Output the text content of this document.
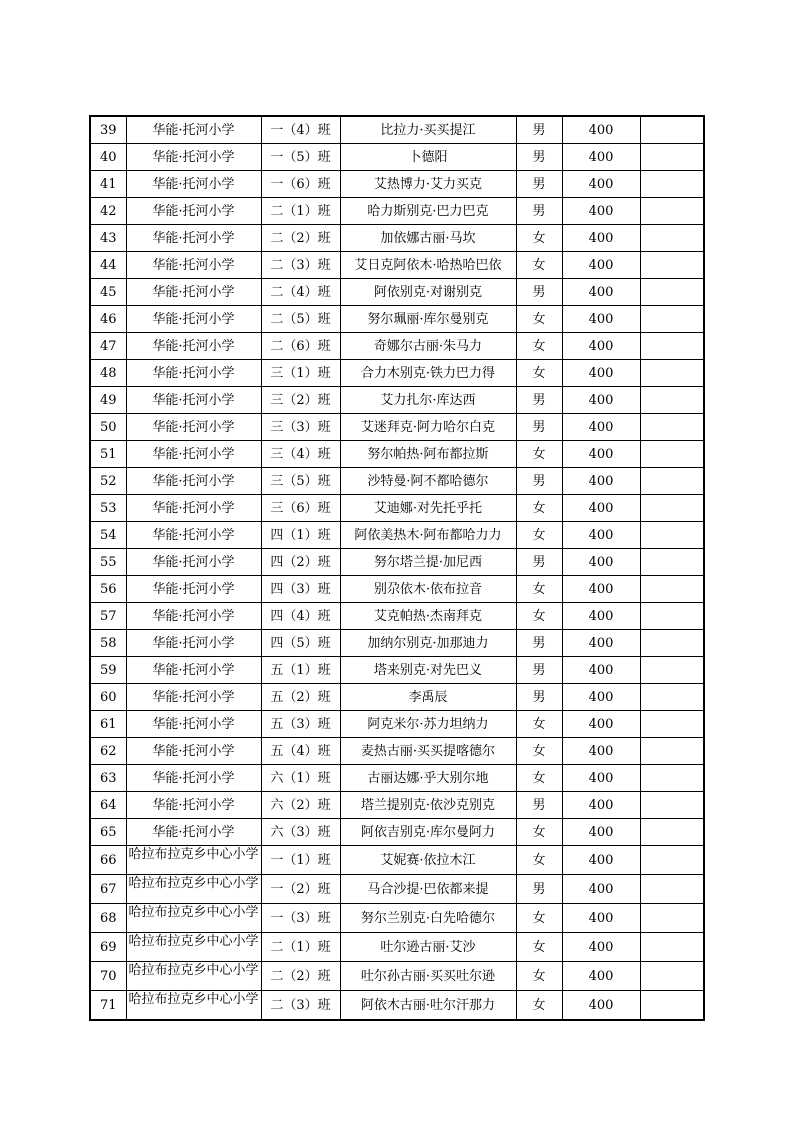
39	华能·托河小学	一（4）班	比拉力·买买提江	男	400	
40	华能·托河小学	一（5）班	卜德阳	男	400	
41	华能·托河小学	一（6）班	艾热博力·艾力买克	男	400	
42	华能·托河小学	二（1）班	哈力斯别克·巴力巴克	男	400	
43	华能·托河小学	二（2）班	加依娜古丽·马坎	女	400	
44	华能·托河小学	二（3）班	艾日克阿依木·哈热哈巴依	女	400	
45	华能·托河小学	二（4）班	阿依别克·对谢别克	男	400	
46	华能·托河小学	二（5）班	努尔珮丽·库尔曼别克	女	400	
47	华能·托河小学	二（6）班	奇娜尔古丽·朱马力	女	400	
48	华能·托河小学	三（1）班	合力木别克·铁力巴力得	女	400	
49	华能·托河小学	三（2）班	艾力扎尔·库达西	男	400	
50	华能·托河小学	三（3）班	艾迷拜克·阿力哈尔白克	男	400	
51	华能·托河小学	三（4）班	努尔帕热·阿布都拉斯	女	400	
52	华能·托河小学	三（5）班	沙特曼·阿不都哈德尔	男	400	
53	华能·托河小学	三（6）班	艾迪娜·对先托乎托	女	400	
54	华能·托河小学	四（1）班	阿依美热木·阿布都哈力力	女	400	
55	华能·托河小学	四（2）班	努尔塔兰提·加尼西	男	400	
56	华能·托河小学	四（3）班	别尕依木·依布拉音	女	400	
57	华能·托河小学	四（4）班	艾克帕热·杰南拜克	女	400	
58	华能·托河小学	四（5）班	加纳尔别克·加那迪力	男	400	
59	华能·托河小学	五（1）班	塔来别克·对先巴义	男	400	
60	华能·托河小学	五（2）班	李禹辰	男	400	
61	华能·托河小学	五（3）班	阿克米尔·苏力坦纳力	女	400	
62	华能·托河小学	五（4）班	麦热古丽·买买提喀德尔	女	400	
63	华能·托河小学	六（1）班	古丽达娜·乎大别尔地	女	400	
64	华能·托河小学	六（2）班	塔兰提别克·依沙克别克	男	400	
65	华能·托河小学	六（3）班	阿依吉别克·库尔曼阿力	女	400	
66	哈拉布拉克乡中心小学	一（1）班	艾妮赛·依拉木江	女	400	
67	哈拉布拉克乡中心小学	一（2）班	马合沙提·巴依都来提	男	400	
68	哈拉布拉克乡中心小学	一（3）班	努尔兰别克·白先哈德尔	女	400	
69	哈拉布拉克乡中心小学	二（1）班	吐尔逊古丽·艾沙	女	400	
70	哈拉布拉克乡中心小学	二（2）班	吐尔孙古丽·买买吐尔逊	女	400	
71	哈拉布拉克乡中心小学	二（3）班	阿依木古丽·吐尔汗那力	女	400	
